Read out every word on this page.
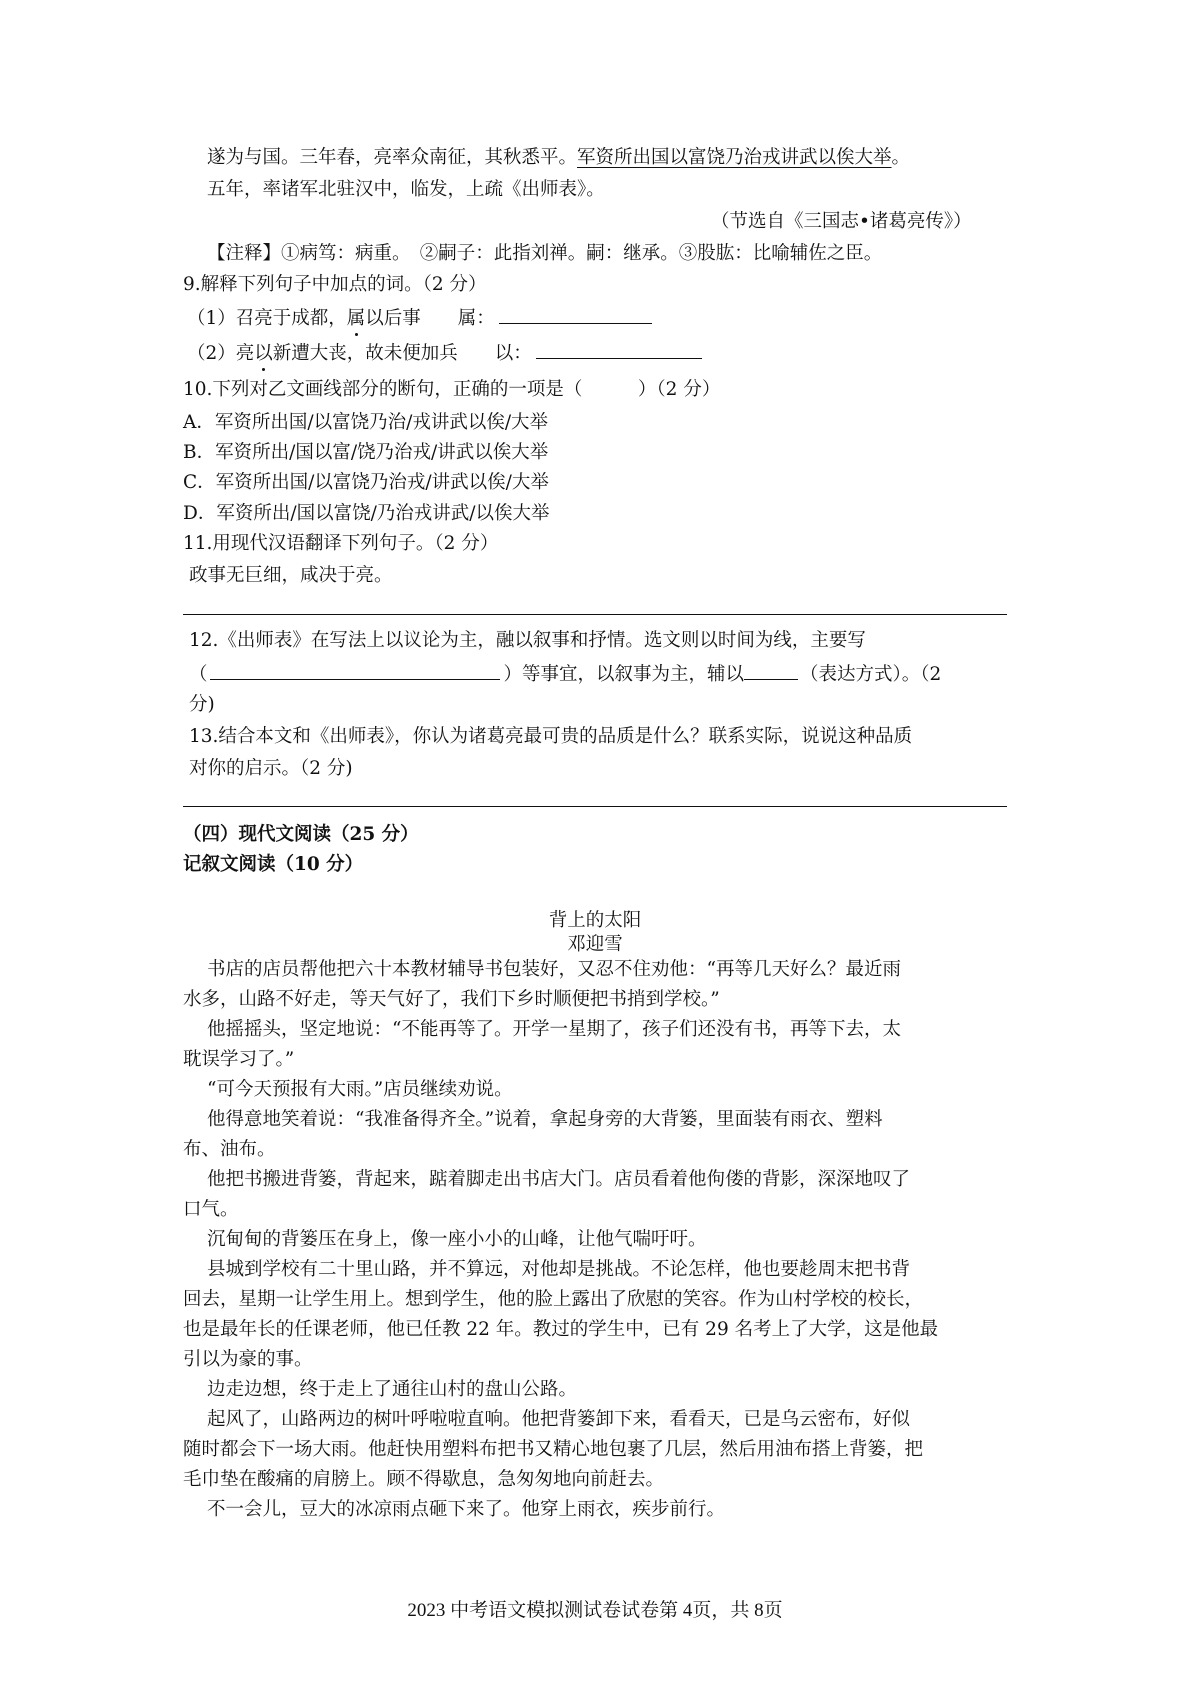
遂为与国。三年春，亮率众南征，其秋悉平。军资所出国以富饶乃治戎讲武以俟大举。
五年，率诸军北驻汉中，临发，上疏《出师表》。
（节选自《三国志•诸葛亮传》）
【注释】①病笃：病重。　②嗣子：此指刘禅。嗣：继承。③股肱：比喻辅佐之臣。
9.解释下列句子中加点的词。（2 分）
（1）召亮于成都，属以后事　　属：
（2）亮以新遭大丧，故未便加兵　　以：
10.下列对乙文画线部分的断句，正确的一项是（　　　）（2 分）
A．军资所出国/以富饶乃治/戎讲武以俟/大举
B．军资所出/国以富/饶乃治戎/讲武以俟大举
C．军资所出国/以富饶乃治戎/讲武以俟/大举
D．军资所出/国以富饶/乃治戎讲武/以俟大举
11.用现代汉语翻译下列句子。（2 分）
政事无巨细，咸决于亮。
12.《出师表》在写法上以议论为主，融以叙事和抒情。选文则以时间为线，主要写
（	）等事宜，以叙事为主，辅以	（表达方式）。（2
分)
13.结合本文和《出师表》，你认为诸葛亮最可贵的品质是什么？联系实际，说说这种品质
对你的启示。（2 分)
（四）现代文阅读（25 分）
记叙文阅读（10 分）
背上的太阳
邓迎雪
书店的店员帮他把六十本教材辅导书包装好，又忍不住劝他：“再等几天好么？最近雨
水多，山路不好走，等天气好了，我们下乡时顺便把书捎到学校。”
他摇摇头，坚定地说：“不能再等了。开学一星期了，孩子们还没有书，再等下去，太
耽误学习了。”
“可今天预报有大雨。”店员继续劝说。
他得意地笑着说：“我准备得齐全。”说着，拿起身旁的大背篓，里面装有雨衣、塑料
布、油布。
他把书搬进背篓，背起来，踮着脚走出书店大门。店员看着他佝偻的背影，深深地叹了
口气。
沉甸甸的背篓压在身上，像一座小小的山峰，让他气喘吁吁。
县城到学校有二十里山路，并不算远，对他却是挑战。不论怎样，他也要趁周末把书背
回去，星期一让学生用上。想到学生，他的脸上露出了欣慰的笑容。作为山村学校的校长，
也是最年长的任课老师，他已任教 22 年。教过的学生中，已有 29 名考上了大学，这是他最
引以为豪的事。
边走边想，终于走上了通往山村的盘山公路。
起风了，山路两边的树叶呼啦啦直响。他把背篓卸下来，看看天，已是乌云密布，好似
随时都会下一场大雨。他赶快用塑料布把书又精心地包裹了几层，然后用油布搭上背篓，把
毛巾垫在酸痛的肩膀上。顾不得歇息，急匆匆地向前赶去。
不一会儿，豆大的冰凉雨点砸下来了。他穿上雨衣，疾步前行。
2023 中考语文模拟测试卷试卷第 4页，共 8页
